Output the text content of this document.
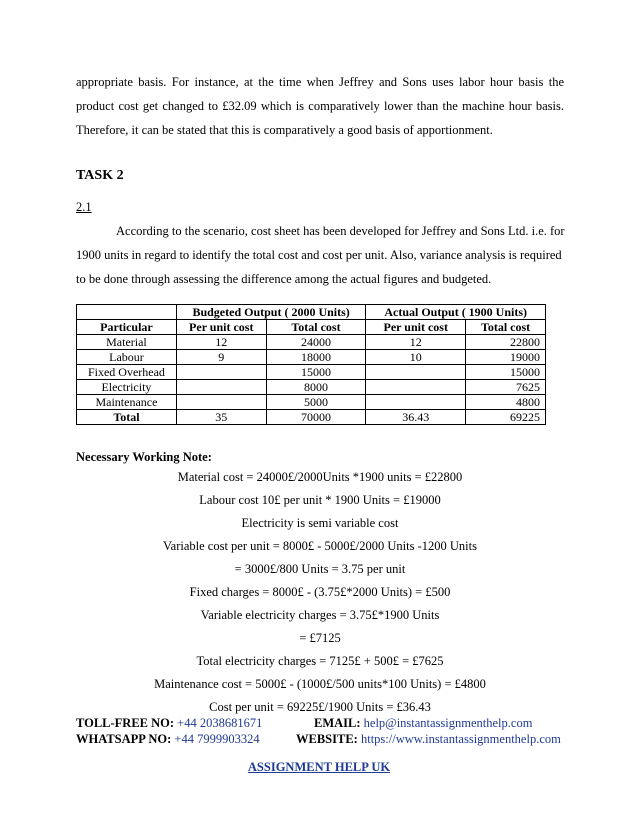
appropriate basis. For instance, at the time when Jeffrey and Sons uses labor hour basis the
product cost get changed to £32.09 which is comparatively lower than the machine hour basis.
Therefore, it can be stated that this is comparatively a good basis of apportionment.
TASK 2
2.1
According to the scenario, cost sheet has been developed for Jeffrey and Sons Ltd. i.e. for
1900 units in regard to identify the total cost and cost per unit. Also, variance analysis is required
to be done through assessing the difference among the actual figures and budgeted.
	Budgeted Output ( 2000 Units)		Actual Output ( 1900 Units)	
Particular	Per unit cost	Total cost	Per unit cost	Total cost
Material	12	24000	12	22800
Labour	9	18000	10	19000
Fixed Overhead		15000		15000
Electricity		8000		7625
Maintenance		5000		4800
Total	35	70000	36.43	69225
Necessary Working Note:
Material cost = 24000£/2000Units *1900 units = £22800
Labour cost 10£ per unit * 1900 Units = £19000
Electricity is semi variable cost
Variable cost per unit = 8000£ - 5000£/2000 Units -1200 Units
= 3000£/800 Units = 3.75 per unit
Fixed charges = 8000£ - (3.75£*2000 Units) = £500
Variable electricity charges = 3.75£*1900 Units
= £7125
Total electricity charges = 7125£ + 500£ = £7625
Maintenance cost = 5000£ - (1000£/500 units*100 Units) = £4800
Cost per unit = 69225£/1900 Units = £36.43
TOLL-FREE NO: +44 2038681671	EMAIL: help@instantassignmenthelp.com
WHATSAPP NO: +44 7999903324	WEBSITE: https://www.instantassignmenthelp.com
ASSIGNMENT HELP UK
